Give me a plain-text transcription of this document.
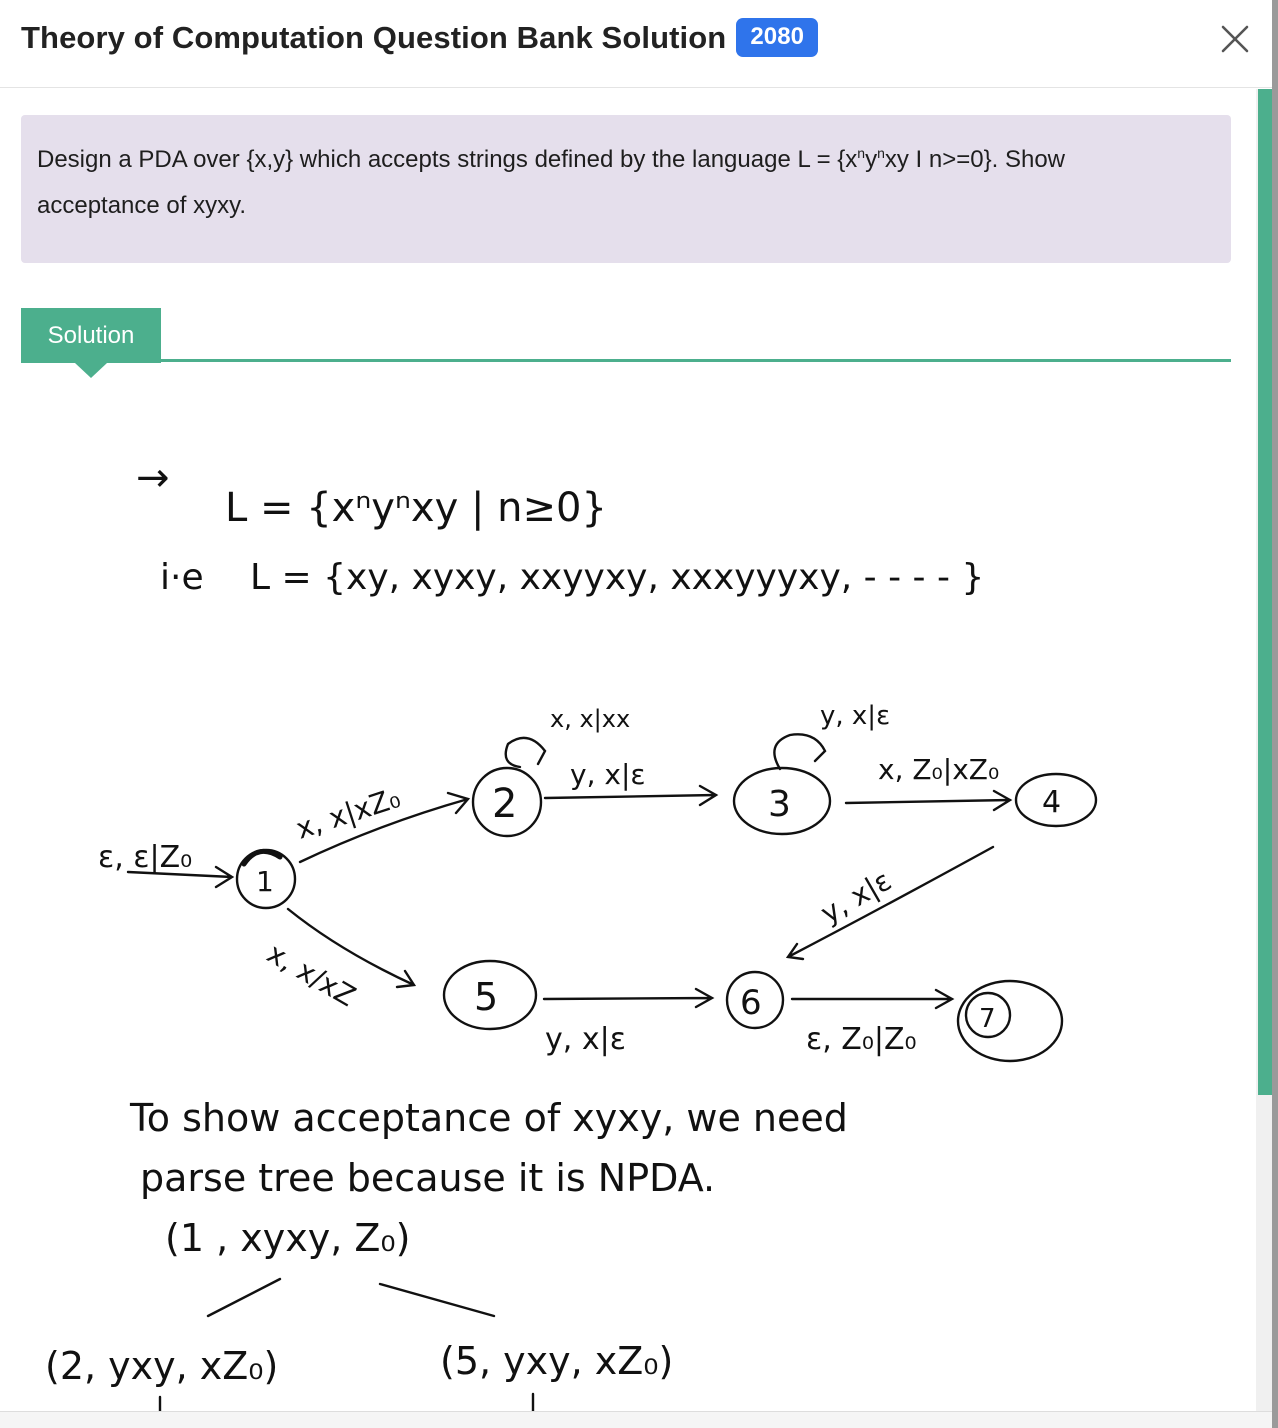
Theory of Computation Question Bank Solution	2080
Design a PDA over {x,y} which accepts strings defined by the language $L = \{x^ny^nxy$ I n>=0}. Show
acceptance of xyxy.
Solution
→
L = {xⁿyⁿxy | n≥0}
i·e L = {xy, xyxy, xxyyxy, xxxyyyxy, - - - - }
1
2	3	4
5	6	7
ε, ε|Z₀
x, x|xZ₀
x, x|xx
y, x|ε
y, x|ε
x, Z₀|xZ₀
y, x|ε
x, x/xZ
y, x|ε	ε, Z₀|Z₀
To show acceptance of xyxy, we need
parse tree because it is NPDA.
(1 , xyxy, Z₀)
(2, yxy, xZ₀)	(5, yxy, xZ₀)
